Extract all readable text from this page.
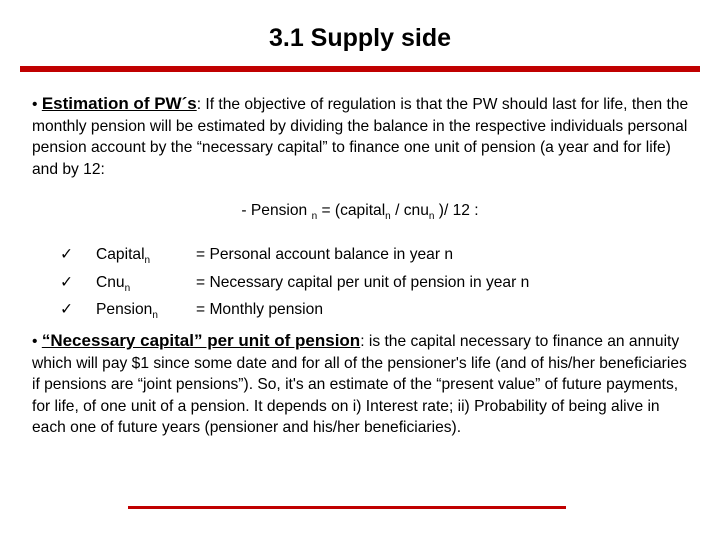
3.1 Supply side
• Estimation of PW´s: If the objective of regulation is that the PW should last for life, then the monthly pension will be estimated by dividing the balance in the respective individuals personal pension account by the “necessary capital” to finance one unit of pension (a year and for life) and by 12:
- Pension $_n$ = (capital$_n$ / cnu$_n$ )/ 12 :
✓	Capital$_n$	= Personal account balance in year n
✓	Cnu$_n$	= Necessary capital per unit of pension in year n
✓	Pension$_n$	= Monthly pension
• “Necessary capital” per unit of pension: is the capital necessary to finance an annuity which will pay $1 since some date and for all of the pensioner's life (and of his/her beneficiaries if pensions are “joint pensions”). So, it's an estimate of the “present value” of future payments, for life, of one unit of a pension. It depends on i) Interest rate; ii) Probability of being alive in each one of future years (pensioner and his/her beneficiaries).
